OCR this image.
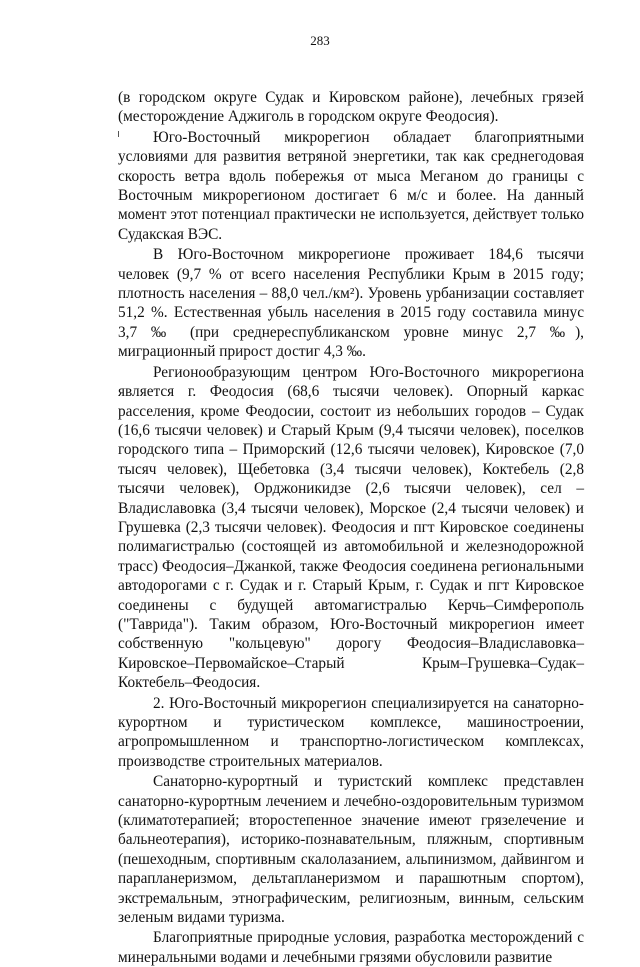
283

(в городском округе Судак и Кировском районе), лечебных грязей (месторождение Аджиголь в городском округе Феодосия).

Юго-Восточный микрорегион обладает благоприятными условиями для развития ветряной энергетики, так как среднегодовая скорость ветра вдоль побережья от мыса Меганом до границы с Восточным микрорегионом достигает 6 м/с и более. На данный момент этот потенциал практически не используется, действует только Судакская ВЭС.

В Юго-Восточном микрорегионе проживает 184,6 тысячи человек (9,7 % от всего населения Республики Крым в 2015 году; плотность населения – 88,0 чел./км²). Уровень урбанизации составляет 51,2 %. Естественная убыль населения в 2015 году составила минус 3,7 ‰ (при среднереспубликанском уровне минус 2,7 ‰), миграционный прирост достиг 4,3 ‰.

Регионообразующим центром Юго-Восточного микрорегиона является г. Феодосия (68,6 тысячи человек). Опорный каркас расселения, кроме Феодосии, состоит из небольших городов – Судак (16,6 тысячи человек) и Старый Крым (9,4 тысячи человек), поселков городского типа – Приморский (12,6 тысячи человек), Кировское (7,0 тысяч человек), Щебетовка (3,4 тысячи человек), Коктебель (2,8 тысячи человек), Орджоникидзе (2,6 тысячи человек), сел – Владиславовка (3,4 тысячи человек), Морское (2,4 тысячи человек) и Грушевка (2,3 тысячи человек). Феодосия и пгт Кировское соединены полимагистралью (состоящей из автомобильной и железнодорожной трасс) Феодосия–Джанкой, также Феодосия соединена региональными автодорогами с г. Судак и г. Старый Крым, г. Судак и пгт Кировское соединены с будущей автомагистралью Керчь–Симферополь ("Таврида"). Таким образом, Юго-Восточный микрорегион имеет собственную "кольцевую" дорогу Феодосия–Владиславовка–Кировское–Первомайское–Старый Крым–Грушевка–Судак–Коктебель–Феодосия.

2. Юго-Восточный микрорегион специализируется на санаторно-курортном и туристическом комплексе, машиностроении, агропромышленном и транспортно-логистическом комплексах, производстве строительных материалов.

Санаторно-курортный и туристский комплекс представлен санаторно-курортным лечением и лечебно-оздоровительным туризмом (климатотерапией; второстепенное значение имеют грязелечение и бальнеотерапия), историко-познавательным, пляжным, спортивным (пешеходным, спортивным скалолазанием, альпинизмом, дайвингом и парапланеризмом, дельтапланеризмом и парашютным спортом), экстремальным, этнографическим, религиозным, винным, сельским зеленым видами туризма.

Благоприятные природные условия, разработка месторождений с минеральными водами и лечебными грязями обусловили развитие
